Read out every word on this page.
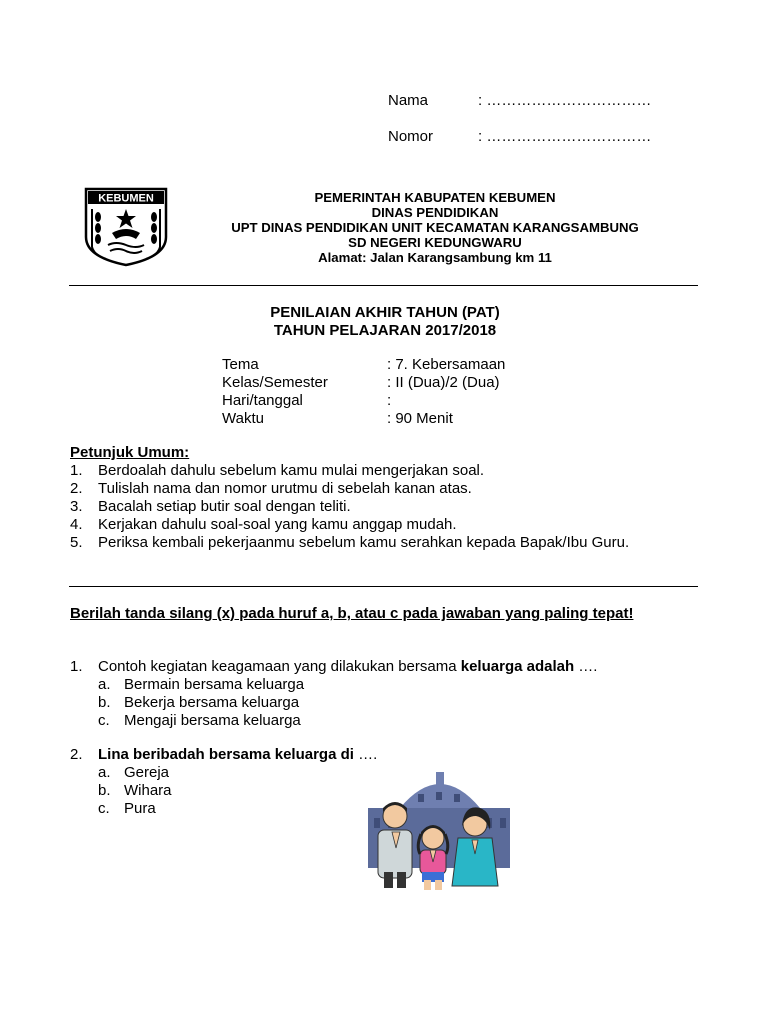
Nama	: ……………………………
Nomor	: ……………………………
KEBUMEN	PEMERINTAH KABUPATEN KEBUMEN
DINAS PENDIDIKAN
UPT DINAS PENDIDIKAN UNIT KECAMATAN KARANGSAMBUNG
SD NEGERI KEDUNGWARU
Alamat: Jalan Karangsambung km 11
PENILAIAN AKHIR TAHUN (PAT)
TAHUN PELAJARAN 2017/2018
Tema	: 7. Kebersamaan
Kelas/Semester	: II (Dua)/2 (Dua)
Hari/tanggal	:
Waktu	: 90 Menit
Petunjuk Umum:
1. Berdoalah dahulu sebelum kamu mulai mengerjakan soal.
2. Tulislah nama dan nomor urutmu di sebelah kanan atas.
3. Bacalah setiap butir soal dengan teliti.
4. Kerjakan dahulu soal-soal yang kamu anggap mudah.
5. Periksa kembali pekerjaanmu sebelum kamu serahkan kepada Bapak/Ibu Guru.
Berilah tanda silang (x) pada huruf a, b, atau c pada jawaban yang paling tepat!
1. Contoh kegiatan keagamaan yang dilakukan bersama keluarga adalah ….
a. Bermain bersama keluarga
b. Bekerja bersama keluarga
c. Mengaji bersama keluarga
2. Lina beribadah bersama keluarga di ….
a. Gereja
b. Wihara
c. Pura
